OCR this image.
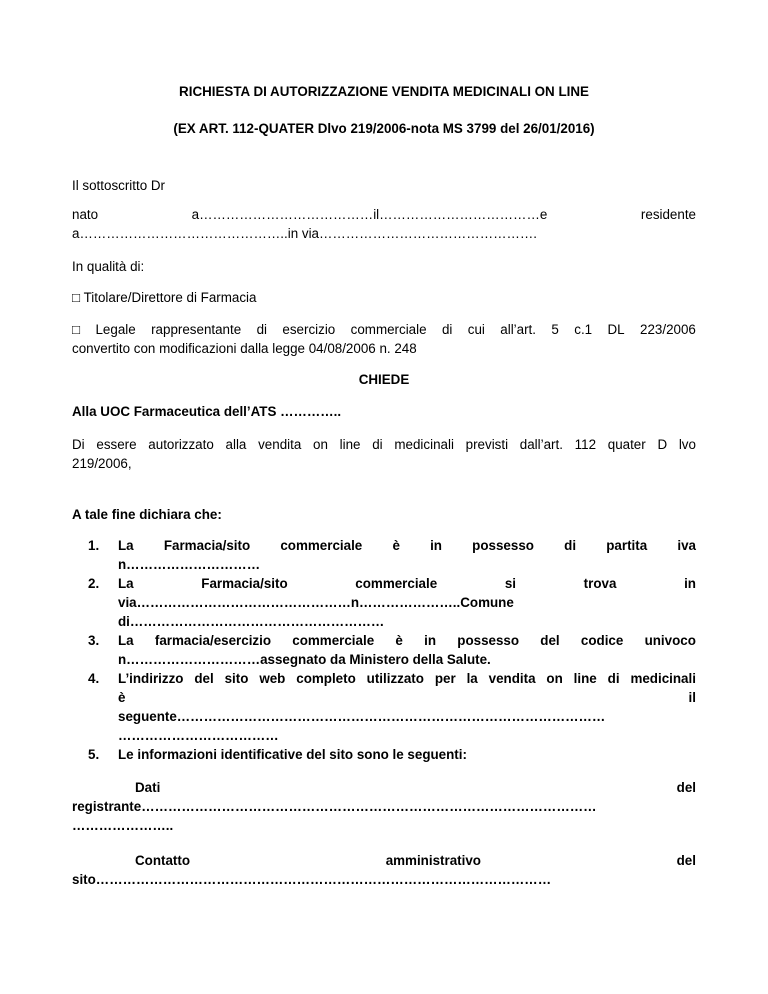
RICHIESTA DI AUTORIZZAZIONE VENDITA MEDICINALI ON LINE
(EX ART. 112-QUATER Dlvo 219/2006-nota MS 3799 del 26/01/2016)
Il sottoscritto Dr
nato	a…………………………………il………………………………e	residente
a………………………………………..in via………………………………………….
In qualità di:
□ Titolare/Direttore di Farmacia
□ Legale rappresentante di esercizio commerciale di cui all’art. 5 c.1 DL 223/2006
convertito con modificazioni dalla legge 04/08/2006 n. 248
CHIEDE
Alla UOC Farmaceutica dell’ATS …………..
Di essere autorizzato alla vendita on line di medicinali previsti dall’art. 112 quater D lvo
219/2006,
A tale fine dichiara che:
1. La Farmacia/sito commerciale è in possesso di partita iva
n…………………………
2. La	Farmacia/sito	commerciale	si	trova	in
via…………………………………………n…………………..Comune
di…………………………………………………
3. La farmacia/esercizio commerciale è in possesso del codice univoco
n…………………………assegnato da Ministero della Salute.
4. L’indirizzo del sito web completo utilizzato per la vendita on line di medicinali
è	il
seguente……………………………………………………………………………………
………………………………
5. Le informazioni identificative del sito sono le seguenti:
Dati	del
registrante…………………………………………………………………………………………
…………………..
Contatto	amministrativo	del
sito…………………………………………………………………………………………
